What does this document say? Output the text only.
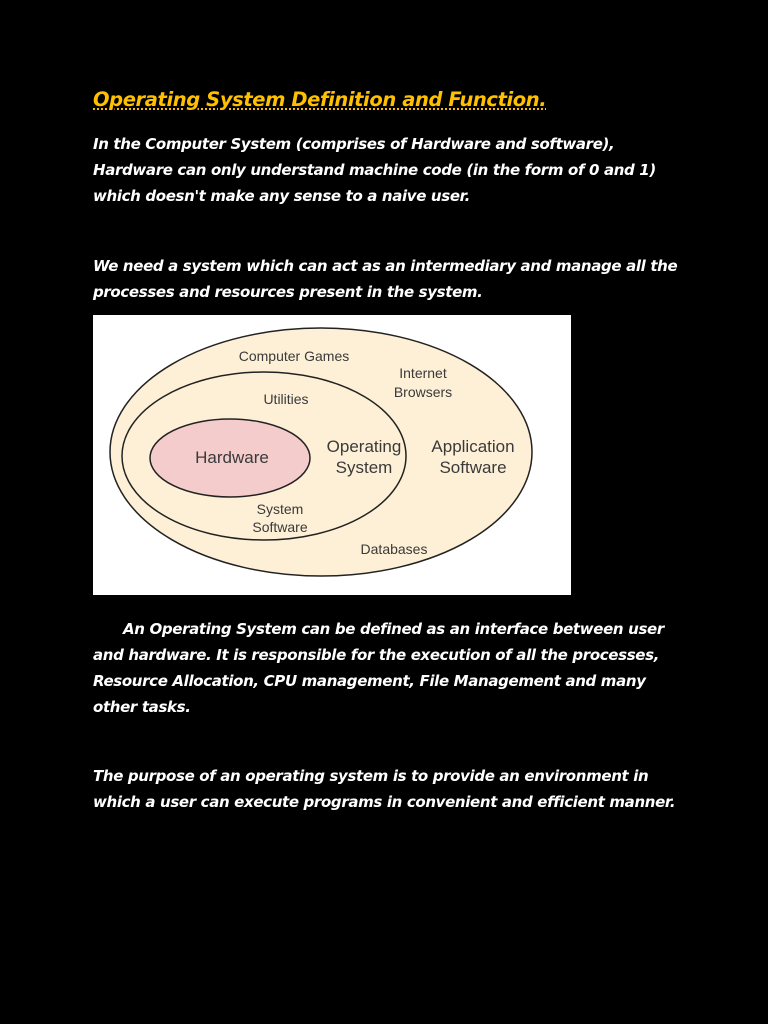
Operating System Definition and Function.

In the Computer System (comprises of Hardware and software), Hardware can only understand machine code (in the form of 0 and 1) which doesn't make any sense to a naive user.

We need a system which can act as an intermediary and manage all the processes and resources present in the system.

Computer Games
Internet
Browsers
Application
Software
Databases
Utilities
Operating
System
System
Software
Hardware

An Operating System can be defined as an interface between user and hardware. It is responsible for the execution of all the processes, Resource Allocation, CPU management, File Management and many other tasks.

The purpose of an operating system is to provide an environment in which a user can execute programs in convenient and efficient manner.
